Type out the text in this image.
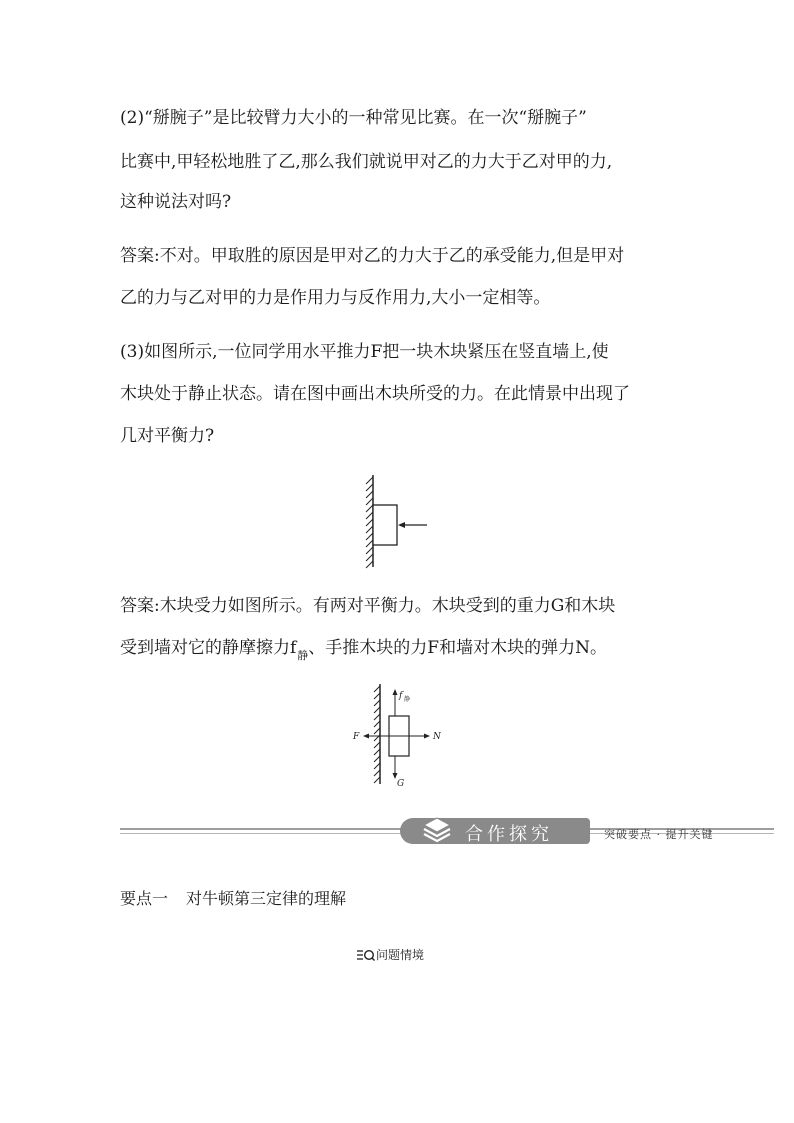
(2)“掰腕子”是比较臂力大小的一种常见比赛。在一次“掰腕子”
比赛中,甲轻松地胜了乙,那么我们就说甲对乙的力大于乙对甲的力,
这种说法对吗?
答案:不对。甲取胜的原因是甲对乙的力大于乙的承受能力,但是甲对
乙的力与乙对甲的力是作用力与反作用力,大小一定相等。
(3)如图所示,一位同学用水平推力F把一块木块紧压在竖直墙上,使
木块处于静止状态。请在图中画出木块所受的力。在此情景中出现了
几对平衡力?
答案:木块受力如图所示。有两对平衡力。木块受到的重力G和木块
受到墙对它的静摩擦力$f_静$、手推木块的力F和墙对木块的弹力N。
f 静
F	N
G
合作探究	突破要点 · 提升关键
要点一 对牛顿第三定律的理解
问题情境
